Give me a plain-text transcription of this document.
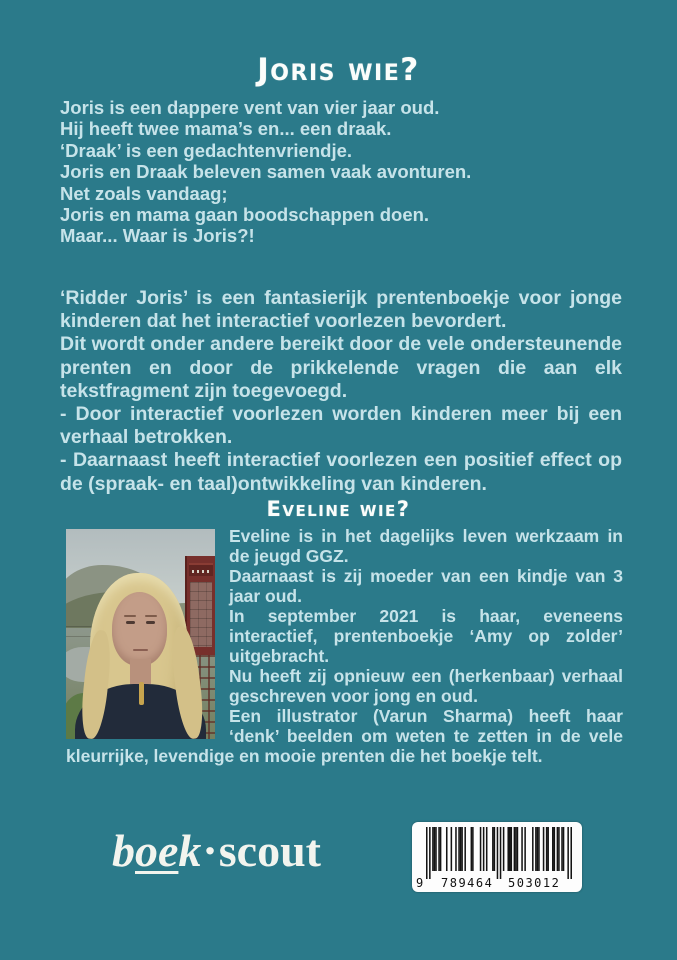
Joris wie?
Joris is een dappere vent van vier jaar oud.
Hij heeft twee mama’s en... een draak.
‘Draak’ is een gedachtenvriendje.
Joris en Draak beleven samen vaak avonturen.
Net zoals vandaag;
Joris en mama gaan boodschappen doen.
Maar... Waar is Joris?!
‘Ridder Joris’ is een fantasierijk prentenboekje voor jonge kinderen dat het interactief voorlezen bevordert.
Dit wordt onder andere bereikt door de vele ondersteunende prenten en door de prikkelende vragen die aan elk tekstfragment zijn toegevoegd.
- Door interactief voorlezen worden kinderen meer bij een verhaal betrokken.
- Daarnaast heeft interactief voorlezen een positief effect op de (spraak- en taal)ontwikkeling van kinderen.
Eveline wie?
Eveline is in het dagelijks leven werkzaam in de jeugd GGZ.
Daarnaast is zij moeder van een kindje van 3 jaar oud.
In september 2021 is haar, eveneens interactief, prentenboekje ‘Amy op zolder’ uitgebracht.
Nu heeft zij opnieuw een (herkenbaar) verhaal geschreven voor jong en oud.
Een illustrator (Varun Sharma) heeft haar ‘denk’ beelden om weten te zetten in de vele kleurrijke, levendige en mooie prenten die het boekje telt.
boek·scout
9 789464 503012
